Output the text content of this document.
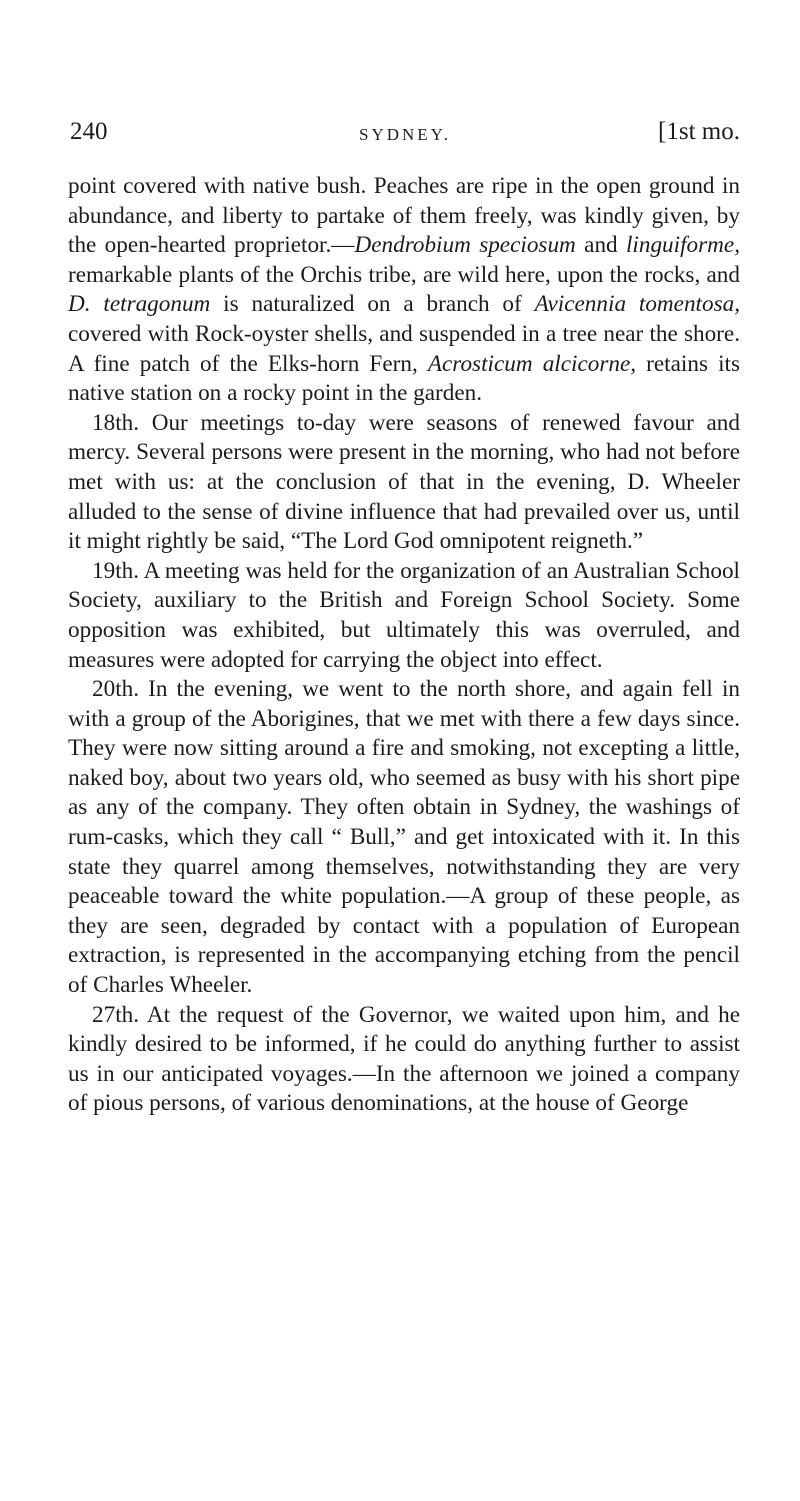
240	SYDNEY.	[1st mo.

point covered with native bush. Peaches are ripe in the open ground in abundance, and liberty to partake of them freely, was kindly given, by the open-hearted proprietor.—Dendrobium speciosum and linguiforme, remarkable plants of the Orchis tribe, are wild here, upon the rocks, and D. tetragonum is naturalized on a branch of Avicennia tomentosa, covered with Rock-oyster shells, and suspended in a tree near the shore. A fine patch of the Elks-horn Fern, Acrosticum alcicorne, retains its native station on a rocky point in the garden.

18th. Our meetings to-day were seasons of renewed favour and mercy. Several persons were present in the morning, who had not before met with us: at the conclusion of that in the evening, D. Wheeler alluded to the sense of divine influence that had prevailed over us, until it might rightly be said, “The Lord God omnipotent reigneth.”

19th. A meeting was held for the organization of an Australian School Society, auxiliary to the British and Foreign School Society. Some opposition was exhibited, but ultimately this was overruled, and measures were adopted for carrying the object into effect.

20th. In the evening, we went to the north shore, and again fell in with a group of the Aborigines, that we met with there a few days since. They were now sitting around a fire and smoking, not excepting a little, naked boy, about two years old, who seemed as busy with his short pipe as any of the company. They often obtain in Sydney, the washings of rum-casks, which they call “ Bull,” and get intoxicated with it. In this state they quarrel among themselves, notwithstanding they are very peaceable toward the white population.—A group of these people, as they are seen, degraded by contact with a population of European extraction, is represented in the accompanying etching from the pencil of Charles Wheeler.

27th. At the request of the Governor, we waited upon him, and he kindly desired to be informed, if he could do anything further to assist us in our anticipated voyages.—In the afternoon we joined a company of pious persons, of various denominations, at the house of George
